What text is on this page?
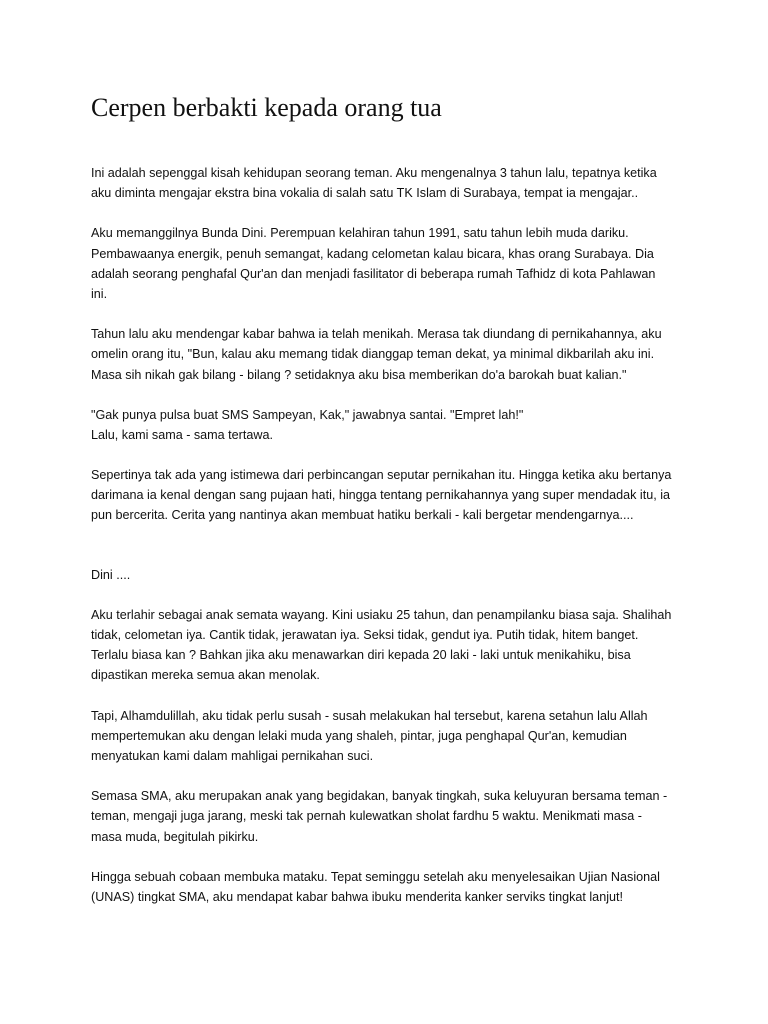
Cerpen berbakti kepada orang tua

Ini adalah sepenggal kisah kehidupan seorang teman. Aku mengenalnya 3 tahun lalu, tepatnya ketika
aku diminta mengajar ekstra bina vokalia di salah satu TK Islam di Surabaya, tempat ia mengajar..

Aku memanggilnya Bunda Dini. Perempuan kelahiran tahun 1991, satu tahun lebih muda dariku.
Pembawaanya energik, penuh semangat, kadang celometan kalau bicara, khas orang Surabaya. Dia
adalah seorang penghafal Qur'an dan menjadi fasilitator di beberapa rumah Tafhidz di kota Pahlawan
ini.

Tahun lalu aku mendengar kabar bahwa ia telah menikah. Merasa tak diundang di pernikahannya, aku
omelin orang itu, "Bun, kalau aku memang tidak dianggap teman dekat, ya minimal dikbarilah aku ini.
Masa sih nikah gak bilang - bilang ? setidaknya aku bisa memberikan do'a barokah buat kalian."

"Gak punya pulsa buat SMS Sampeyan, Kak," jawabnya santai. "Empret lah!"
Lalu, kami sama - sama tertawa.

Sepertinya tak ada yang istimewa dari perbincangan seputar pernikahan itu. Hingga ketika aku bertanya
darimana ia kenal dengan sang pujaan hati, hingga tentang pernikahannya yang super mendadak itu, ia
pun bercerita. Cerita yang nantinya akan membuat hatiku berkali - kali bergetar mendengarnya....

Dini ....

Aku terlahir sebagai anak semata wayang. Kini usiaku 25 tahun, dan penampilanku biasa saja. Shalihah
tidak, celometan iya. Cantik tidak, jerawatan iya. Seksi tidak, gendut iya. Putih tidak, hitem banget.
Terlalu biasa kan ? Bahkan jika aku menawarkan diri kepada 20 laki - laki untuk menikahiku, bisa
dipastikan mereka semua akan menolak.

Tapi, Alhamdulillah, aku tidak perlu susah - susah melakukan hal tersebut, karena setahun lalu Allah
mempertemukan aku dengan lelaki muda yang shaleh, pintar, juga penghapal Qur'an, kemudian
menyatukan kami dalam mahligai pernikahan suci.

Semasa SMA, aku merupakan anak yang begidakan, banyak tingkah, suka keluyuran bersama teman -
teman, mengaji juga jarang, meski tak pernah kulewatkan sholat fardhu 5 waktu. Menikmati masa -
masa muda, begitulah pikirku.

Hingga sebuah cobaan membuka mataku. Tepat seminggu setelah aku menyelesaikan Ujian Nasional
(UNAS) tingkat SMA, aku mendapat kabar bahwa ibuku menderita kanker serviks tingkat lanjut!
